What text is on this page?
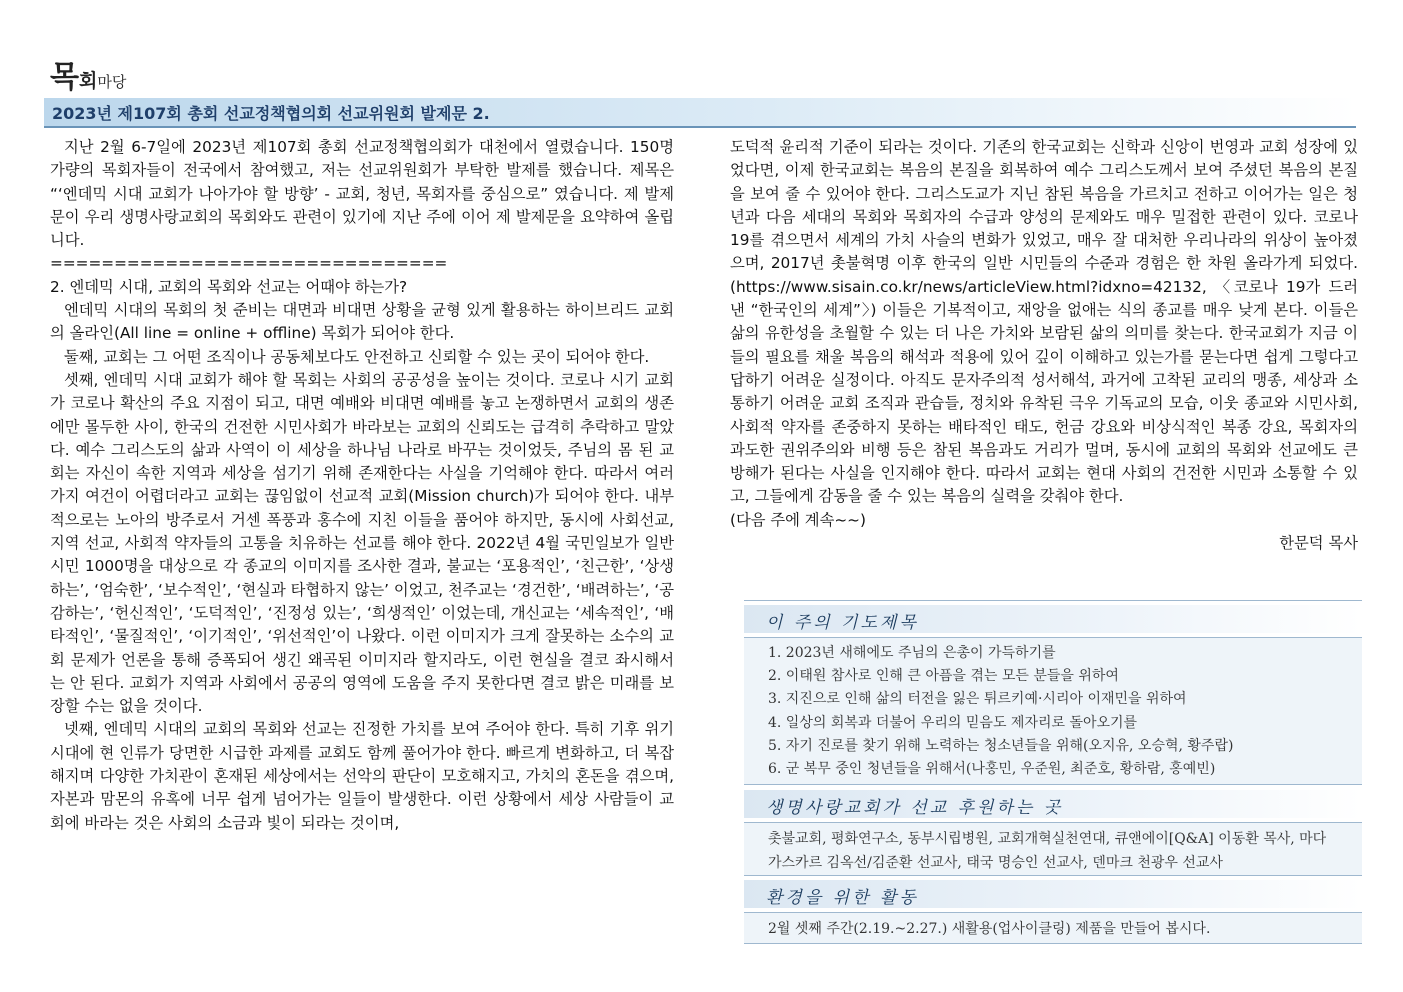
목회마당
2023년 제107회 총회 선교정책협의회 선교위원회 발제문 2.

지난 2월 6-7일에 2023년 제107회 총회 선교정책협의회가 대천에서 열렸습니다. 150명 가량의 목회자들이 전국에서 참여했고, 저는 선교위원회가 부탁한 발제를 했습니다. 제목은 “‘엔데믹 시대 교회가 나아가야 할 방향’ - 교회, 청년, 목회자를 중심으로” 였습니다. 제 발제문이 우리 생명사랑교회의 목회와도 관련이 있기에 지난 주에 이어 제 발제문을 요약하여 올립니다.

===============================

2. 엔데믹 시대, 교회의 목회와 선교는 어때야 하는가?

엔데믹 시대의 목회의 첫 준비는 대면과 비대면 상황을 균형 있게 활용하는 하이브리드 교회의 올라인(All line = online + offline) 목회가 되어야 한다.

둘째, 교회는 그 어떤 조직이나 공동체보다도 안전하고 신뢰할 수 있는 곳이 되어야 한다.

셋째, 엔데믹 시대 교회가 해야 할 목회는 사회의 공공성을 높이는 것이다. 코로나 시기 교회가 코로나 확산의 주요 지점이 되고, 대면 예배와 비대면 예배를 놓고 논쟁하면서 교회의 생존에만 몰두한 사이, 한국의 건전한 시민사회가 바라보는 교회의 신뢰도는 급격히 추락하고 말았다. 예수 그리스도의 삶과 사역이 이 세상을 하나님 나라로 바꾸는 것이었듯, 주님의 몸 된 교회는 자신이 속한 지역과 세상을 섬기기 위해 존재한다는 사실을 기억해야 한다. 따라서 여러 가지 여건이 어렵더라고 교회는 끊임없이 선교적 교회(Mission church)가 되어야 한다. 내부적으로는 노아의 방주로서 거센 폭풍과 홍수에 지친 이들을 품어야 하지만, 동시에 사회선교, 지역 선교, 사회적 약자들의 고통을 치유하는 선교를 해야 한다. 2022년 4월 국민일보가 일반 시민 1000명을 대상으로 각 종교의 이미지를 조사한 결과, 불교는 ‘포용적인’, ‘친근한’, ‘상생하는’, ‘엄숙한’, ‘보수적인’, ‘현실과 타협하지 않는’ 이었고, 천주교는 ‘경건한’, ‘배려하는’, ‘공감하는’, ‘헌신적인’, ‘도덕적인’, ‘진정성 있는’, ‘희생적인’ 이었는데, 개신교는 ‘세속적인’, ‘배타적인’, ‘물질적인’, ‘이기적인’, ‘위선적인’이 나왔다. 이런 이미지가 크게 잘못하는 소수의 교회 문제가 언론을 통해 증폭되어 생긴 왜곡된 이미지라 할지라도, 이런 현실을 결코 좌시해서는 안 된다. 교회가 지역과 사회에서 공공의 영역에 도움을 주지 못한다면 결코 밝은 미래를 보장할 수는 없을 것이다.

넷째, 엔데믹 시대의 교회의 목회와 선교는 진정한 가치를 보여 주어야 한다. 특히 기후 위기 시대에 현 인류가 당면한 시급한 과제를 교회도 함께 풀어가야 한다. 빠르게 변화하고, 더 복잡해지며 다양한 가치관이 혼재된 세상에서는 선악의 판단이 모호해지고, 가치의 혼돈을 겪으며, 자본과 맘몬의 유혹에 너무 쉽게 넘어가는 일들이 발생한다. 이런 상황에서 세상 사람들이 교회에 바라는 것은 사회의 소금과 빛이 되라는 것이며,

도덕적 윤리적 기준이 되라는 것이다. 기존의 한국교회는 신학과 신앙이 번영과 교회 성장에 있었다면, 이제 한국교회는 복음의 본질을 회복하여 예수 그리스도께서 보여 주셨던 복음의 본질을 보여 줄 수 있어야 한다. 그리스도교가 지닌 참된 복음을 가르치고 전하고 이어가는 일은 청년과 다음 세대의 목회와 목회자의 수급과 양성의 문제와도 매우 밀접한 관련이 있다. 코로나 19를 겪으면서 세계의 가치 사슬의 변화가 있었고, 매우 잘 대처한 우리나라의 위상이 높아졌으며, 2017년 촛불혁명 이후 한국의 일반 시민들의 수준과 경험은 한 차원 올라가게 되었다. (https://www.sisain.co.kr/news/articleView.html?idxno=42132, 〈코로나 19가 드러낸 “한국인의 세계”〉) 이들은 기복적이고, 재앙을 없애는 식의 종교를 매우 낮게 본다. 이들은 삶의 유한성을 초월할 수 있는 더 나은 가치와 보람된 삶의 의미를 찾는다. 한국교회가 지금 이들의 필요를 채울 복음의 해석과 적용에 있어 깊이 이해하고 있는가를 묻는다면 쉽게 그렇다고 답하기 어려운 실정이다. 아직도 문자주의적 성서해석, 과거에 고착된 교리의 맹종, 세상과 소통하기 어려운 교회 조직과 관습들, 정치와 유착된 극우 기독교의 모습, 이웃 종교와 시민사회, 사회적 약자를 존중하지 못하는 배타적인 태도, 헌금 강요와 비상식적인 복종 강요, 목회자의 과도한 권위주의와 비행 등은 참된 복음과도 거리가 멀며, 동시에 교회의 목회와 선교에도 큰 방해가 된다는 사실을 인지해야 한다. 따라서 교회는 현대 사회의 건전한 시민과 소통할 수 있고, 그들에게 감동을 줄 수 있는 복음의 실력을 갖춰야 한다.

(다음 주에 계속~~)

한문덕 목사

이 주의 기도제목
1. 2023년 새해에도 주님의 은총이 가득하기를
2. 이태원 참사로 인해 큰 아픔을 겪는 모든 분들을 위하여
3. 지진으로 인해 삶의 터전을 잃은 튀르키예·시리아 이재민을 위하여
4. 일상의 회복과 더불어 우리의 믿음도 제자리로 돌아오기를
5. 자기 진로를 찾기 위해 노력하는 청소년들을 위해(오지유, 오승혁, 황주랍)
6. 군 복무 중인 청년들을 위해서(나홍민, 우준원, 최준호, 황하람, 홍예빈)
생명사랑교회가 선교 후원하는 곳

촛불교회, 평화연구소, 동부시립병원, 교회개혁실천연대, 큐앤에이[Q&A] 이동환 목사, 마다가스카르 김옥선/김준환 선교사, 태국 명승인 선교사, 덴마크 천광우 선교사

환경을 위한 활동

2월 셋째 주간(2.19.~2.27.) 새활용(업사이클링) 제품을 만들어 봅시다.
